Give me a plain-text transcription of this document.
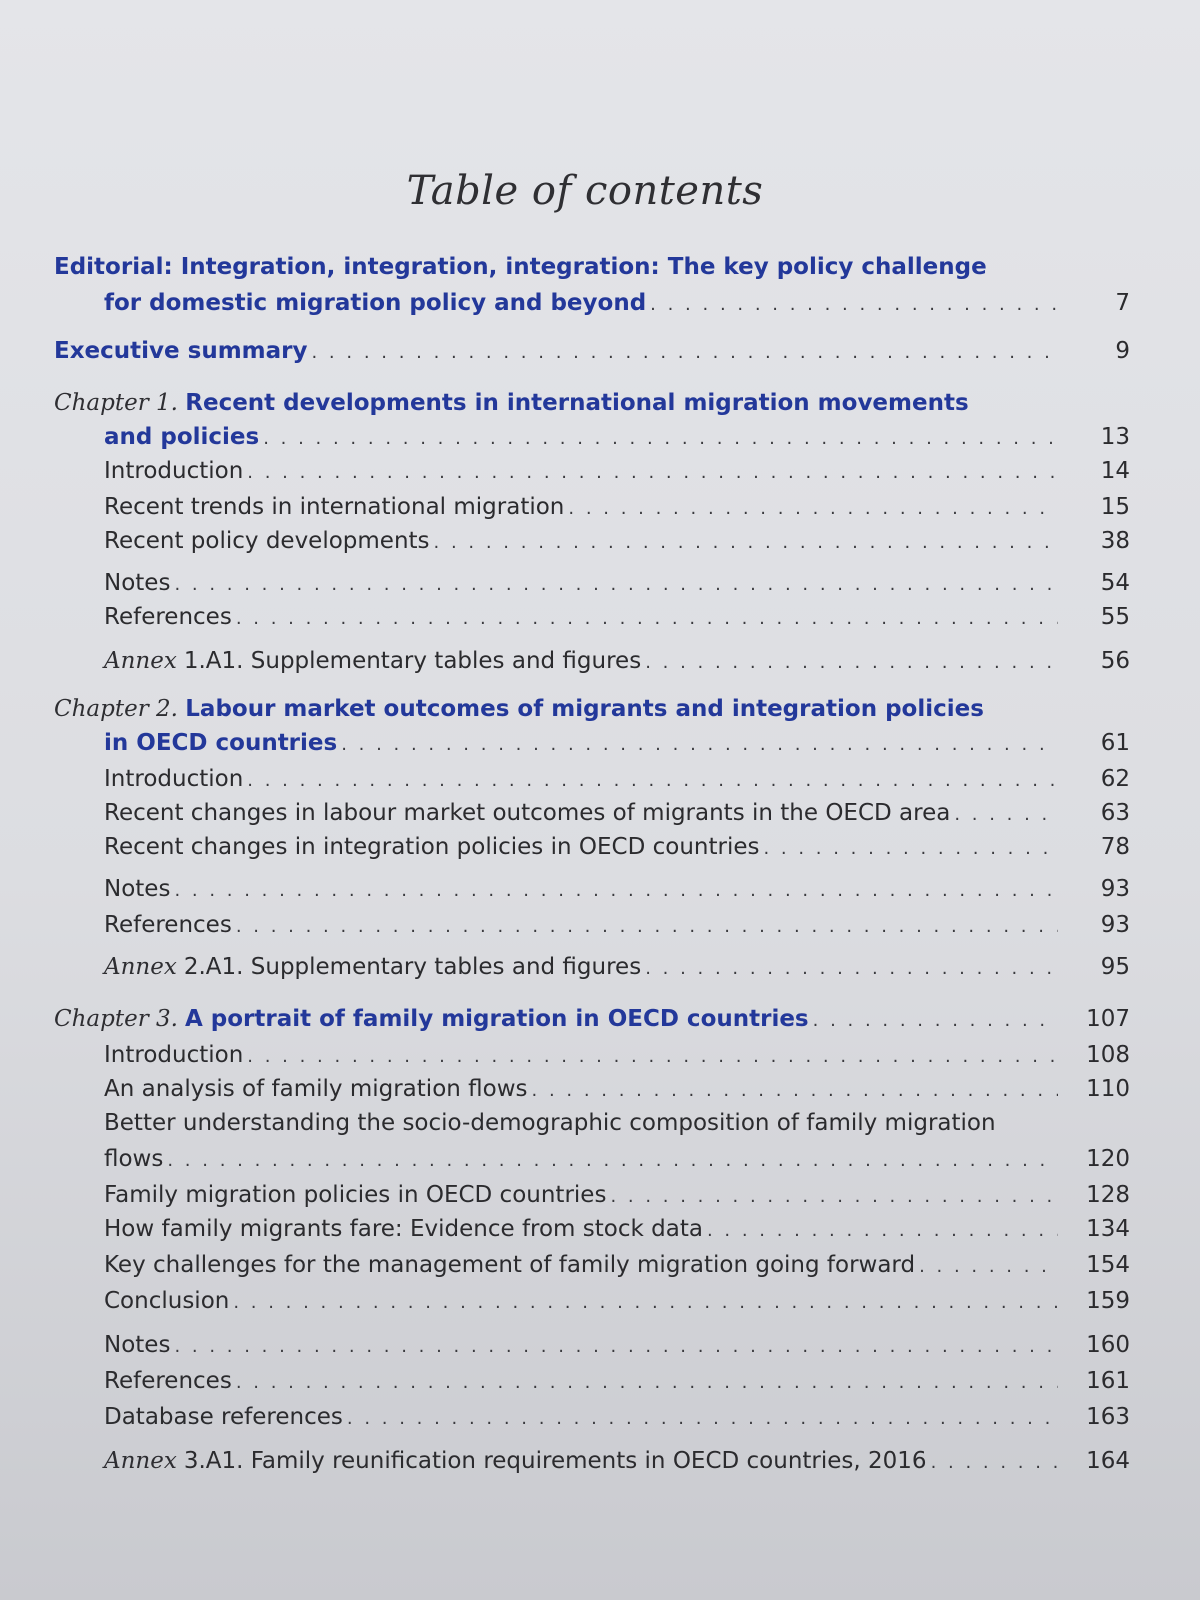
Table of contents
Editorial: Integration, integration, integration: The key policy challenge
for domestic migration policy and beyond . . .	7
Executive summary . . .	9
Chapter 1. Recent developments in international migration movements
and policies . . .	13
Introduction . . .	14
Recent trends in international migration . . .	15
Recent policy developments . . .	38
Notes . . .	54
References . . .	55
Annex 1.A1. Supplementary tables and figures . . .	56
Chapter 2. Labour market outcomes of migrants and integration policies
in OECD countries . . .	61
Introduction . . .	62
Recent changes in labour market outcomes of migrants in the OECD area . . .	63
Recent changes in integration policies in OECD countries . . .	78
Notes . . .	93
References . . .	93
Annex 2.A1. Supplementary tables and figures . . .	95
Chapter 3. A portrait of family migration in OECD countries . . .	107
Introduction . . .	108
An analysis of family migration flows . . .	110
Better understanding the socio-demographic composition of family migration
flows . . .	120
Family migration policies in OECD countries . . .	128
How family migrants fare: Evidence from stock data . . .	134
Key challenges for the management of family migration going forward . . .	154
Conclusion . . .	159
Notes . . .	160
References . . .	161
Database references . . .	163
Annex 3.A1. Family reunification requirements in OECD countries, 2016 . . .	164
